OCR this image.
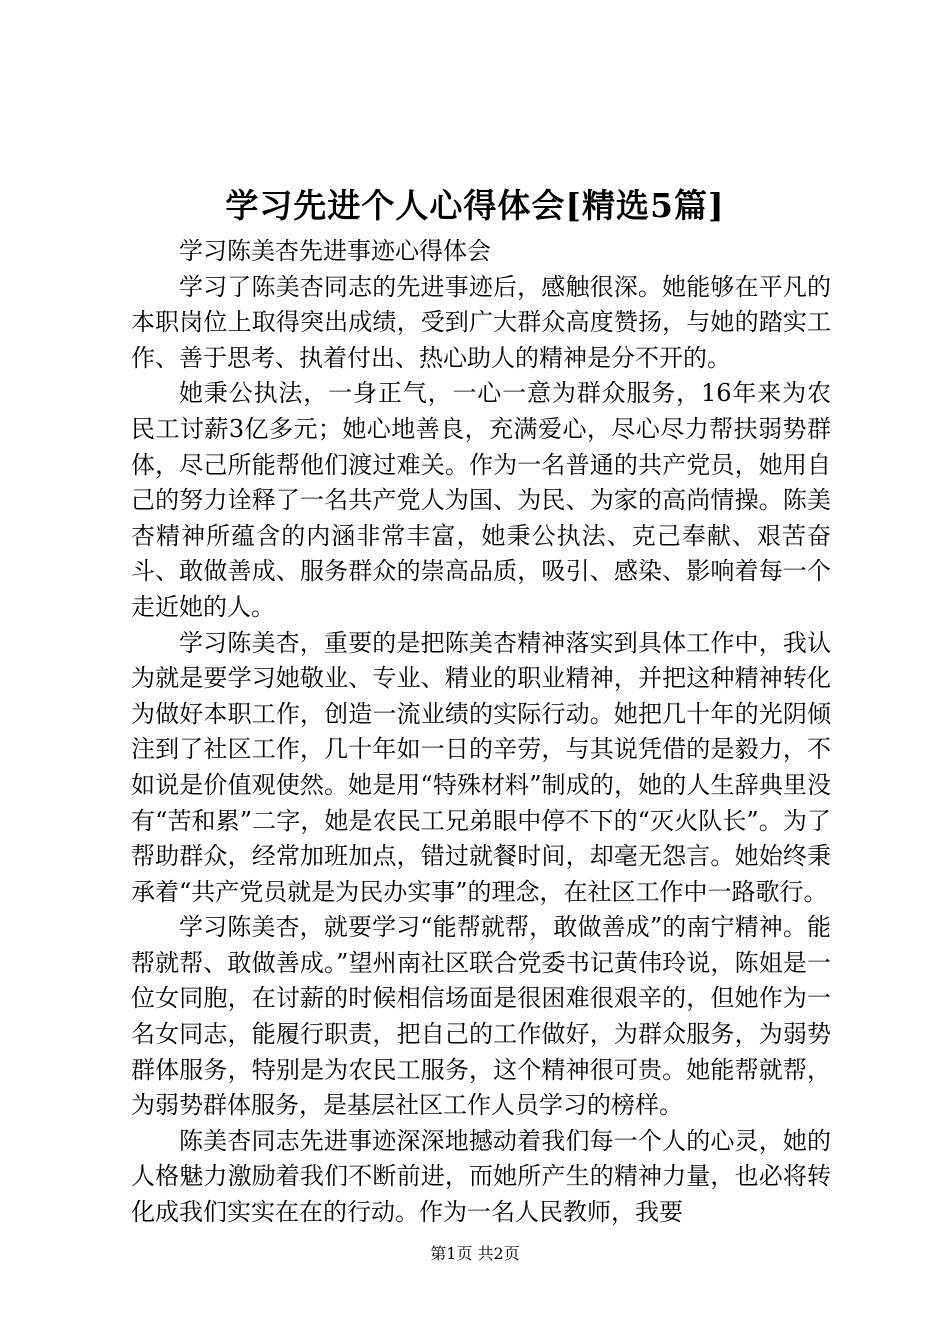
学习先进个人心得体会[精选5篇]

学习陈美杏先进事迹心得体会

学习了陈美杏同志的先进事迹后，感触很深。她能够在平凡的本职岗位上取得突出成绩，受到广大群众高度赞扬，与她的踏实工作、善于思考、执着付出、热心助人的精神是分不开的。

她秉公执法，一身正气，一心一意为群众服务，16年来为农民工讨薪3亿多元；她心地善良，充满爱心，尽心尽力帮扶弱势群体，尽己所能帮他们渡过难关。作为一名普通的共产党员，她用自己的努力诠释了一名共产党人为国、为民、为家的高尚情操。陈美杏精神所蕴含的内涵非常丰富，她秉公执法、克己奉献、艰苦奋斗、敢做善成、服务群众的崇高品质，吸引、感染、影响着每一个走近她的人。

学习陈美杏，重要的是把陈美杏精神落实到具体工作中，我认为就是要学习她敬业、专业、精业的职业精神，并把这种精神转化为做好本职工作，创造一流业绩的实际行动。她把几十年的光阴倾注到了社区工作，几十年如一日的辛劳，与其说凭借的是毅力，不如说是价值观使然。她是用“特殊材料”制成的，她的人生辞典里没有“苦和累”二字，她是农民工兄弟眼中停不下的“灭火队长”。为了帮助群众，经常加班加点，错过就餐时间，却毫无怨言。她始终秉承着“共产党员就是为民办实事”的理念，在社区工作中一路歌行。

学习陈美杏，就要学习“能帮就帮，敢做善成”的南宁精神。能帮就帮、敢做善成。”望州南社区联合党委书记黄伟玲说，陈姐是一位女同胞，在讨薪的时候相信场面是很困难很艰辛的，但她作为一名女同志，能履行职责，把自己的工作做好，为群众服务，为弱势群体服务，特别是为农民工服务，这个精神很可贵。她能帮就帮，为弱势群体服务，是基层社区工作人员学习的榜样。

陈美杏同志先进事迹深深地撼动着我们每一个人的心灵，她的人格魅力激励着我们不断前进，而她所产生的精神力量，也必将转化成我们实实在在的行动。作为一名人民教师，我要

第1页 共2页
